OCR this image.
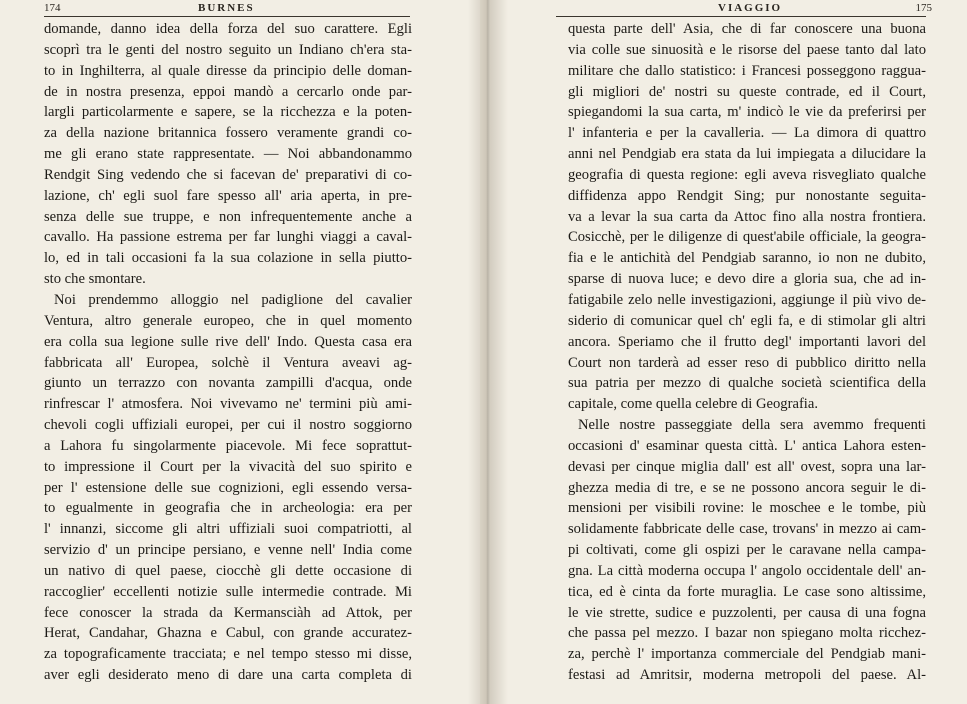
174	BURNES
domande, danno idea della forza del suo carattere. Egli
scoprì tra le genti del nostro seguito un Indiano ch'era sta-
to in Inghilterra, al quale diresse da principio delle doman-
de in nostra presenza, eppoi mandò a cercarlo onde par-
largli particolarmente e sapere, se la ricchezza e la poten-
za della nazione britannica fossero veramente grandi co-
me gli erano state rappresentate. — Noi abbandonammo
Rendgit Sing vedendo che si facevan de' preparativi di co-
lazione, ch' egli suol fare spesso all' aria aperta, in pre-
senza delle sue truppe, e non infrequentemente anche a
cavallo. Ha passione estrema per far lunghi viaggi a caval-
lo, ed in tali occasioni fa la sua colazione in sella piutto-
sto che smontare.
Noi prendemmo alloggio nel padiglione del cavalier
Ventura, altro generale europeo, che in quel momento
era colla sua legione sulle rive dell' Indo. Questa casa era
fabbricata all' Europea, solchè il Ventura aveavi ag-
giunto un terrazzo con novanta zampilli d'acqua, onde
rinfrescar l' atmosfera. Noi vivevamo ne' termini più ami-
chevoli cogli uffiziali europei, per cui il nostro soggiorno
a Lahora fu singolarmente piacevole. Mi fece soprattut-
to impressione il Court per la vivacità del suo spirito e
per l' estensione delle sue cognizioni, egli essendo versa-
to egualmente in geografia che in archeologia: era per
l' innanzi, siccome gli altri uffiziali suoi compatriotti, al
servizio d' un principe persiano, e venne nell' India come
un nativo di quel paese, ciocchè gli dette occasione di
raccoglier' eccellenti notizie sulle intermedie contrade. Mi
fece conoscer la strada da Kermansciàh ad Attok, per
Herat, Candahar, Ghazna e Cabul, con grande accuratez-
za topograficamente tracciata; e nel tempo stesso mi disse,
aver egli desiderato meno di dare una carta completa di
VIAGGIO	175
questa parte dell' Asia, che di far conoscere una buona
via colle sue sinuosità e le risorse del paese tanto dal lato
militare che dallo statistico: i Francesi posseggono ragguа-
gli migliori de' nostri su queste contrade, ed il Court,
spiegandomi la sua carta, m' indicò le vie da preferirsi per
l' infanteria e per la cavalleria. — La dimora di quattro
anni nel Pendgiab era stata da lui impiegata a dilucidare la
geografia di questa regione: egli aveva risvegliato qualche
diffidenza appo Rendgit Sing; pur nonostante seguita-
va a levar la sua carta da Attoc fino alla nostra frontiera.
Cosicchè, per le diligenze di quest'abile officiale, la geogra-
fia e le antichità del Pendgiab saranno, io non ne dubito,
sparse di nuova luce; e devo dire a gloria sua, che ad in-
fatigabile zelo nelle investigazioni, aggiunge il più vivo de-
siderio di comunicar quel ch' egli fa, e di stimolar gli altri
ancora. Speriamo che il frutto degl' importanti lavori del
Court non tarderà ad esser reso di pubblico diritto nella
sua patria per mezzo di qualche società scientifica della
capitale, come quella celebre di Geografia.
Nelle nostre passeggiate della sera avemmo frequenti
occasioni d' esaminar questa città. L' antica Lahora esten-
devasi per cinque miglia dall' est all' ovest, sopra una lar-
ghezza media di tre, e se ne possono ancora seguir le di-
mensioni per visibili rovine: le moschee e le tombe, più
solidamente fabbricate delle case, trovans' in mezzo ai cam-
pi coltivati, come gli ospizi per le caravane nella campa-
gna. La città moderna occupa l' angolo occidentale dell' an-
tica, ed è cinta da forte muraglia. Le case sono altissime,
le vie strette, sudice e puzzolenti, per causa di una fogna
che passa pel mezzo. I bazar non spiegano molta ricchez-
za, perchè l' importanza commerciale del Pendgiab mani-
festasi ad Amritsir, moderna metropoli del paese. Al-
